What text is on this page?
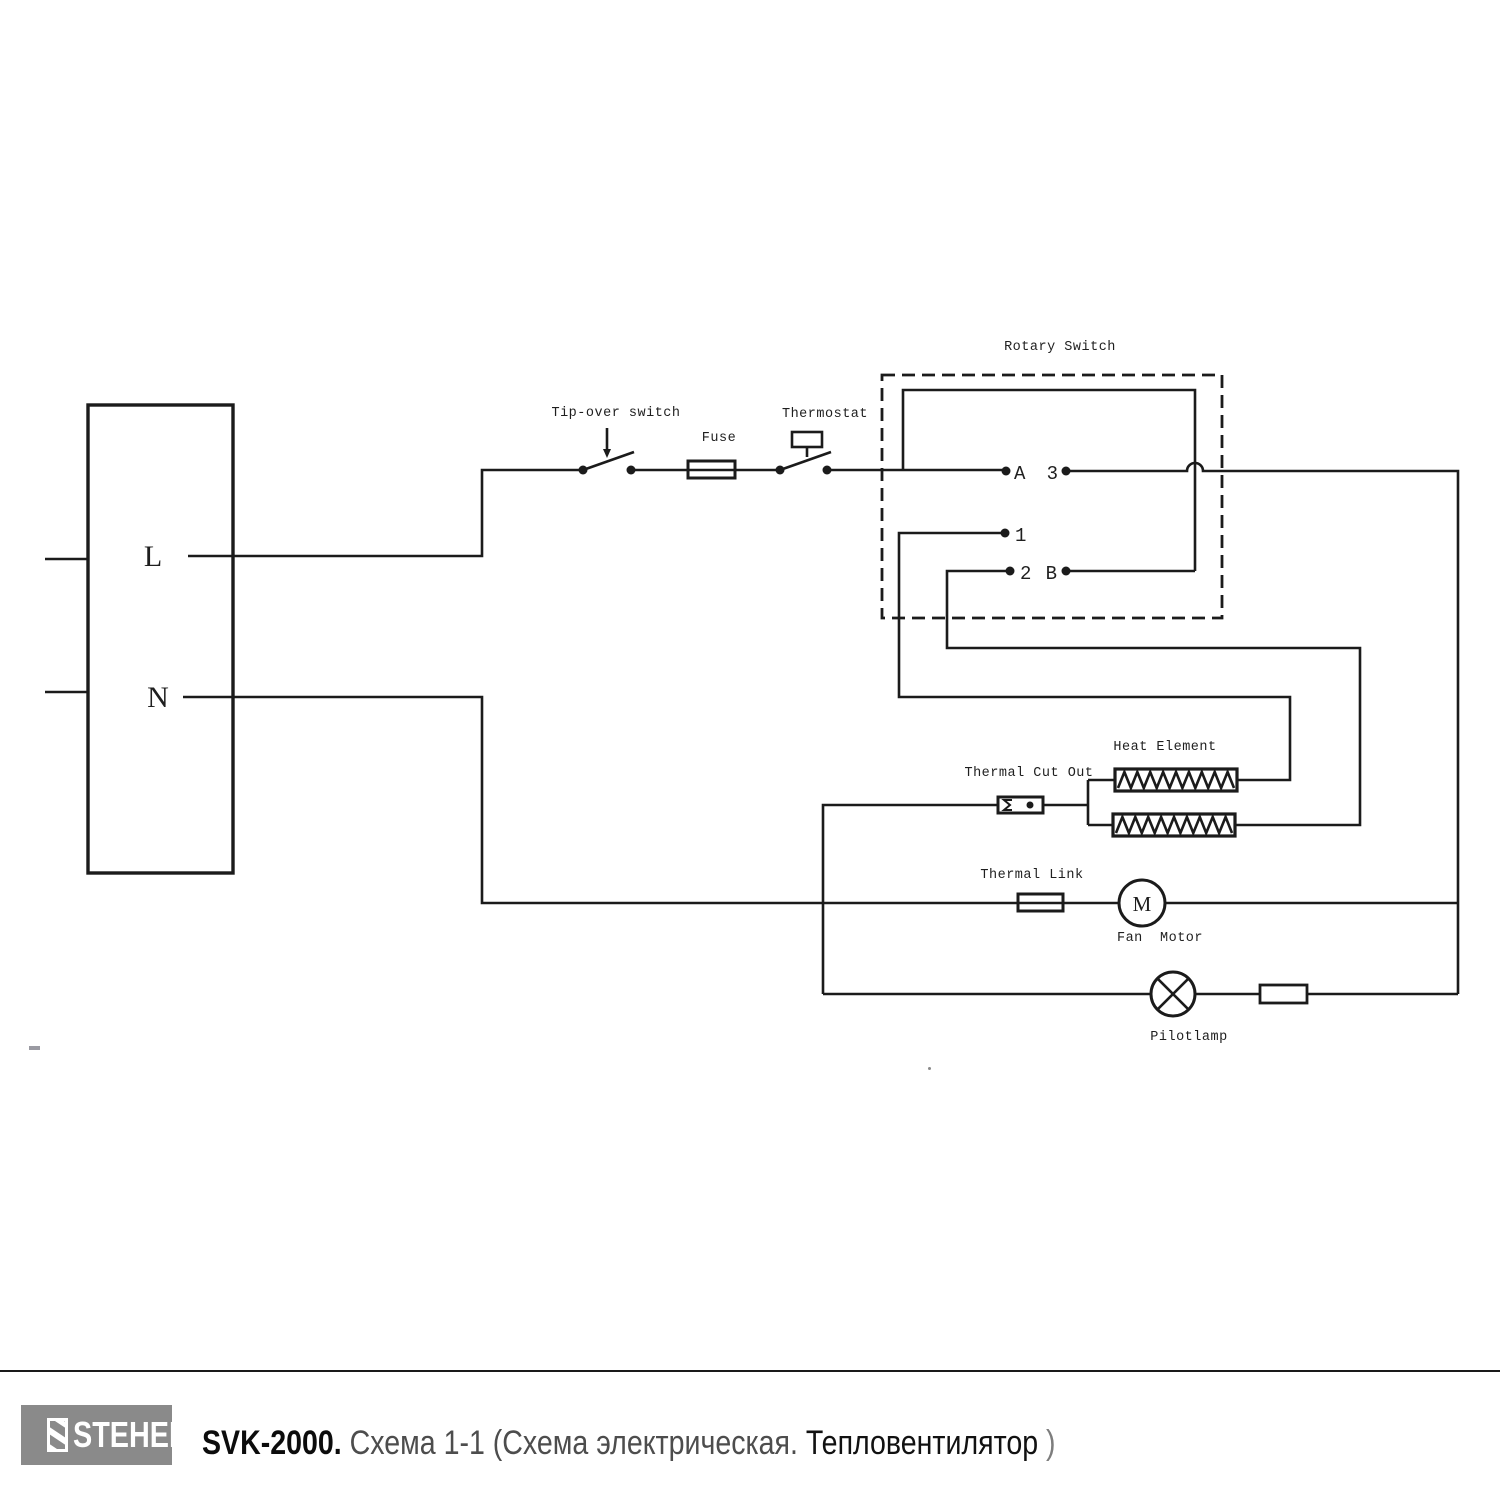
Rotary Switch
Tip-over switch
Fuse
Thermostat
Heat Element
Thermal Cut Out
Thermal Link
Fan  Motor
Pilotlamp
L
N
A 3
1
2 B
M
STEHER SVK-2000. Схема 1-1 (Схема электрическая. Тепловентилятор )
